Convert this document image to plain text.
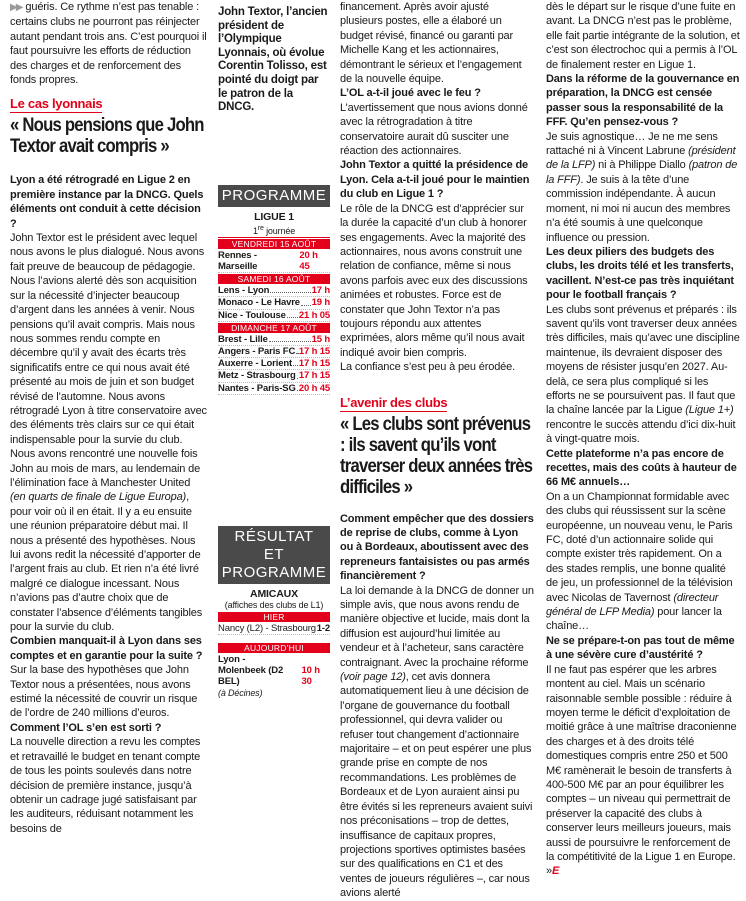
▶▶ guéris. Ce rythme n’est pas tenable : certains clubs ne pourront pas réinjecter autant pendant trois ans. C’est pourquoi il faut poursuivre les efforts de réduction des charges et de renforcement des fonds propres.

Le cas lyonnais
« Nous pensions que John Textor avait compris »

Lyon a été rétrogradé en Ligue 2 en première instance par la DNCG. Quels éléments ont conduit à cette décision ?

John Textor est le président avec lequel nous avons le plus dialogué. Nous avons fait preuve de beaucoup de pédagogie. Nous l’avions alerté dès son acquisition sur la nécessité d’injecter beaucoup d’argent dans les années à venir. Nous pensions qu’il avait compris. Mais nous nous sommes rendu compte en décembre qu’il y avait des écarts très significatifs entre ce qui nous avait été présenté au mois de juin et son budget révisé de l’automne. Nous avons rétrogradé Lyon à titre conservatoire avec des éléments très clairs sur ce qui était indispensable pour la survie du club. Nous avons rencontré une nouvelle fois John au mois de mars, au lendemain de l’élimination face à Manchester United (en quarts de finale de Ligue Europa), pour voir où il en était. Il y a eu ensuite une réunion préparatoire début mai. Il nous a présenté des hypothèses. Nous lui avons redit la nécessité d’apporter de l’argent frais au club. Et rien n’a été livré malgré ce dialogue incessant. Nous n’avions pas d’autre choix que de constater l’absence d’éléments tangibles pour la survie du club.

Combien manquait-il à Lyon dans ses comptes et en garantie pour la suite ?

Sur la base des hypothèses que John Textor nous a présentées, nous avons estimé la nécessité de couvrir un risque de l’ordre de 240 millions d’euros.

Comment l’OL s’en est sorti ?

La nouvelle direction a revu les comptes et retravaillé le budget en tenant compte de tous les points soulevés dans notre décision de première instance, jusqu’à obtenir un cadrage jugé satisfaisant par les auditeurs, réduisant notamment les besoins de

John Textor, l’ancien président de l’Olympique Lyonnais, où évolue Corentin Tolisso, est pointé du doigt par le patron de la DNCG.
PROGRAMME
LIGUE 1
1re journée
VENDREDI 15 AOÛT
Rennes - Marseille
20 h 45
SAMEDI 16 AOÛT
Lens - Lyon	17 h
Monaco - Le Havre 19 h
Nice - Toulouse 21 h 05
DIMANCHE 17 AOÛT
Brest - Lille	15 h
Angers - Paris FC 17 h 15
Auxerre - Lorient 17 h 15
Metz - Strasbourg 17 h 15
Nantes - Paris-SG 20 h 45
RÉSULTAT
ET PROGRAMME
AMICAUX
(affiches des clubs de L1)
HIER
Nancy (L2) - Strasbourg 1-2
AUJOURD’HUI
Lyon -
Molenbeek (D2 BEL)
10 h 30
(à Décines)

financement. Après avoir ajusté plusieurs postes, elle a élaboré un budget révisé, financé ou garanti par Michelle Kang et les actionnaires, démontrant le sérieux et l’engagement de la nouvelle équipe.

L’OL a-t-il joué avec le feu ?

L’avertissement que nous avions donné avec la rétrogradation à titre conservatoire aurait dû susciter une réaction des actionnaires.

John Textor a quitté la présidence de Lyon. Cela a-t-il joué pour le maintien du club en Ligue 1 ?

Le rôle de la DNCG est d’apprécier sur la durée la capacité d’un club à honorer ses engagements. Avec la majorité des actionnaires, nous avons construit une relation de confiance, même si nous avons parfois avec eux des discussions animées et robustes. Force est de constater que John Textor n’a pas toujours répondu aux attentes exprimées, alors même qu’il nous avait indiqué avoir bien compris.

La confiance s’est peu à peu érodée.

L’avenir des clubs
« Les clubs sont prévenus : ils savent qu’ils vont traverser deux années très difficiles »

Comment empêcher que des dossiers de reprise de clubs, comme à Lyon ou à Bordeaux, aboutissent avec des repreneurs fantaisistes ou pas armés financièrement ?

La loi demande à la DNCG de donner un simple avis, que nous avons rendu de manière objective et lucide, mais dont la diffusion est aujourd’hui limitée au vendeur et à l’acheteur, sans caractère contraignant. Avec la prochaine réforme (voir page 12), cet avis donnera automatiquement lieu à une décision de l’organe de gouvernance du football professionnel, qui devra valider ou refuser tout changement d’actionnaire majoritaire – et on peut espérer une plus grande prise en compte de nos recommandations. Les problèmes de Bordeaux et de Lyon auraient ainsi pu être évités si les repreneurs avaient suivi nos préconisations – trop de dettes, insuffisance de capitaux propres, projections sportives optimistes basées sur des qualifications en C1 et des ventes de joueurs régulières –, car nous avions alerté

dès le départ sur le risque d’une fuite en avant. La DNCG n’est pas le problème, elle fait partie intégrante de la solution, et c’est son électrochoc qui a permis à l’OL de finalement rester en Ligue 1.

Dans la réforme de la gouvernance en préparation, la DNCG est censée passer sous la responsabilité de la FFF. Qu’en pensez-vous ?

Je suis agnostique… Je ne me sens rattaché ni à Vincent Labrune (président de la LFP) ni à Philippe Diallo (patron de la FFF). Je suis à la tête d’une commission indépendante. À aucun moment, ni moi ni aucun des membres n’a été soumis à une quelconque influence ou pression.

Les deux piliers des budgets des clubs, les droits télé et les transferts, vacillent. N’est-ce pas très inquiétant pour le football français ?

Les clubs sont prévenus et préparés : ils savent qu’ils vont traverser deux années très difficiles, mais qu’avec une discipline maintenue, ils devraient disposer des moyens de résister jusqu’en 2027. Au-delà, ce sera plus compliqué si les efforts ne se poursuivent pas. Il faut que la chaîne lancée par la Ligue (Ligue 1+) rencontre le succès attendu d’ici dix-huit à vingt-quatre mois.

Cette plateforme n’a pas encore de recettes, mais des coûts à hauteur de 66 M€ annuels…

On a un Championnat formidable avec des clubs qui réussissent sur la scène européenne, un nouveau venu, le Paris FC, doté d’un actionnaire solide qui compte exister très rapidement. On a des stades remplis, une bonne qualité de jeu, un professionnel de la télévision avec Nicolas de Tavernost (directeur général de LFP Media) pour lancer la chaîne…

Ne se prépare-t-on pas tout de même à une sévère cure d’austérité ?

Il ne faut pas espérer que les arbres montent au ciel. Mais un scénario raisonnable semble possible : réduire à moyen terme le déficit d’exploitation de moitié grâce à une maîtrise draconienne des charges et à des droits télé domestiques compris entre 250 et 500 M€ ramènerait le besoin de transferts à 400-500 M€ par an pour équilibrer les comptes – un niveau qui permettrait de préserver la capacité des clubs à conserver leurs meilleurs joueurs, mais aussi de poursuivre le renforcement de la compétitivité de la Ligue 1 en Europe. »E
